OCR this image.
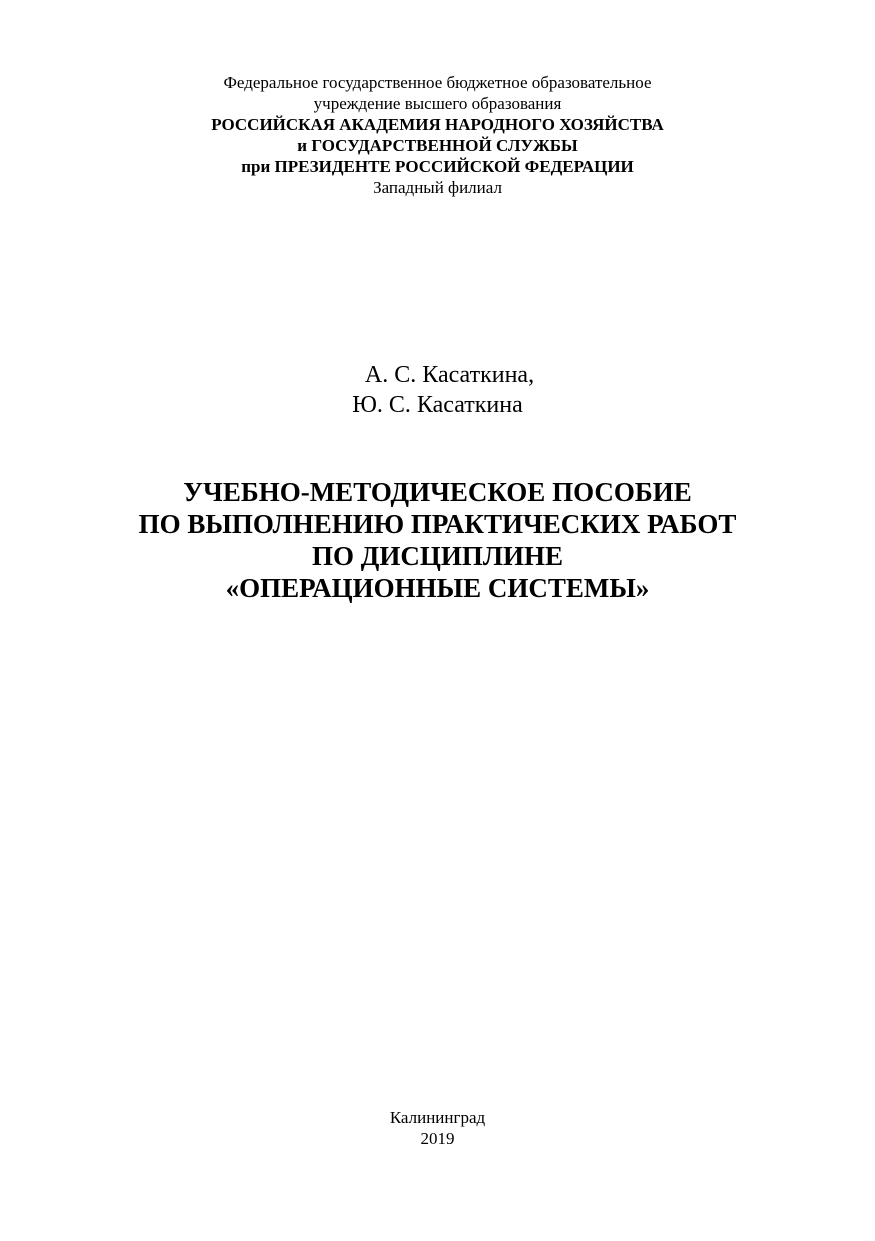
Федеральное государственное бюджетное образовательное
учреждение высшего образования
РОССИЙСКАЯ АКАДЕМИЯ НАРОДНОГО ХОЗЯЙСТВА
и ГОСУДАРСТВЕННОЙ СЛУЖБЫ
при ПРЕЗИДЕНТЕ РОССИЙСКОЙ ФЕДЕРАЦИИ
Западный филиал
А. С. Касаткина,
Ю. С. Касаткина
УЧЕБНО-МЕТОДИЧЕСКОЕ ПОСОБИЕ
ПО ВЫПОЛНЕНИЮ ПРАКТИЧЕСКИХ РАБОТ
ПО ДИСЦИПЛИНЕ
«ОПЕРАЦИОННЫЕ СИСТЕМЫ»
Калининград
2019
